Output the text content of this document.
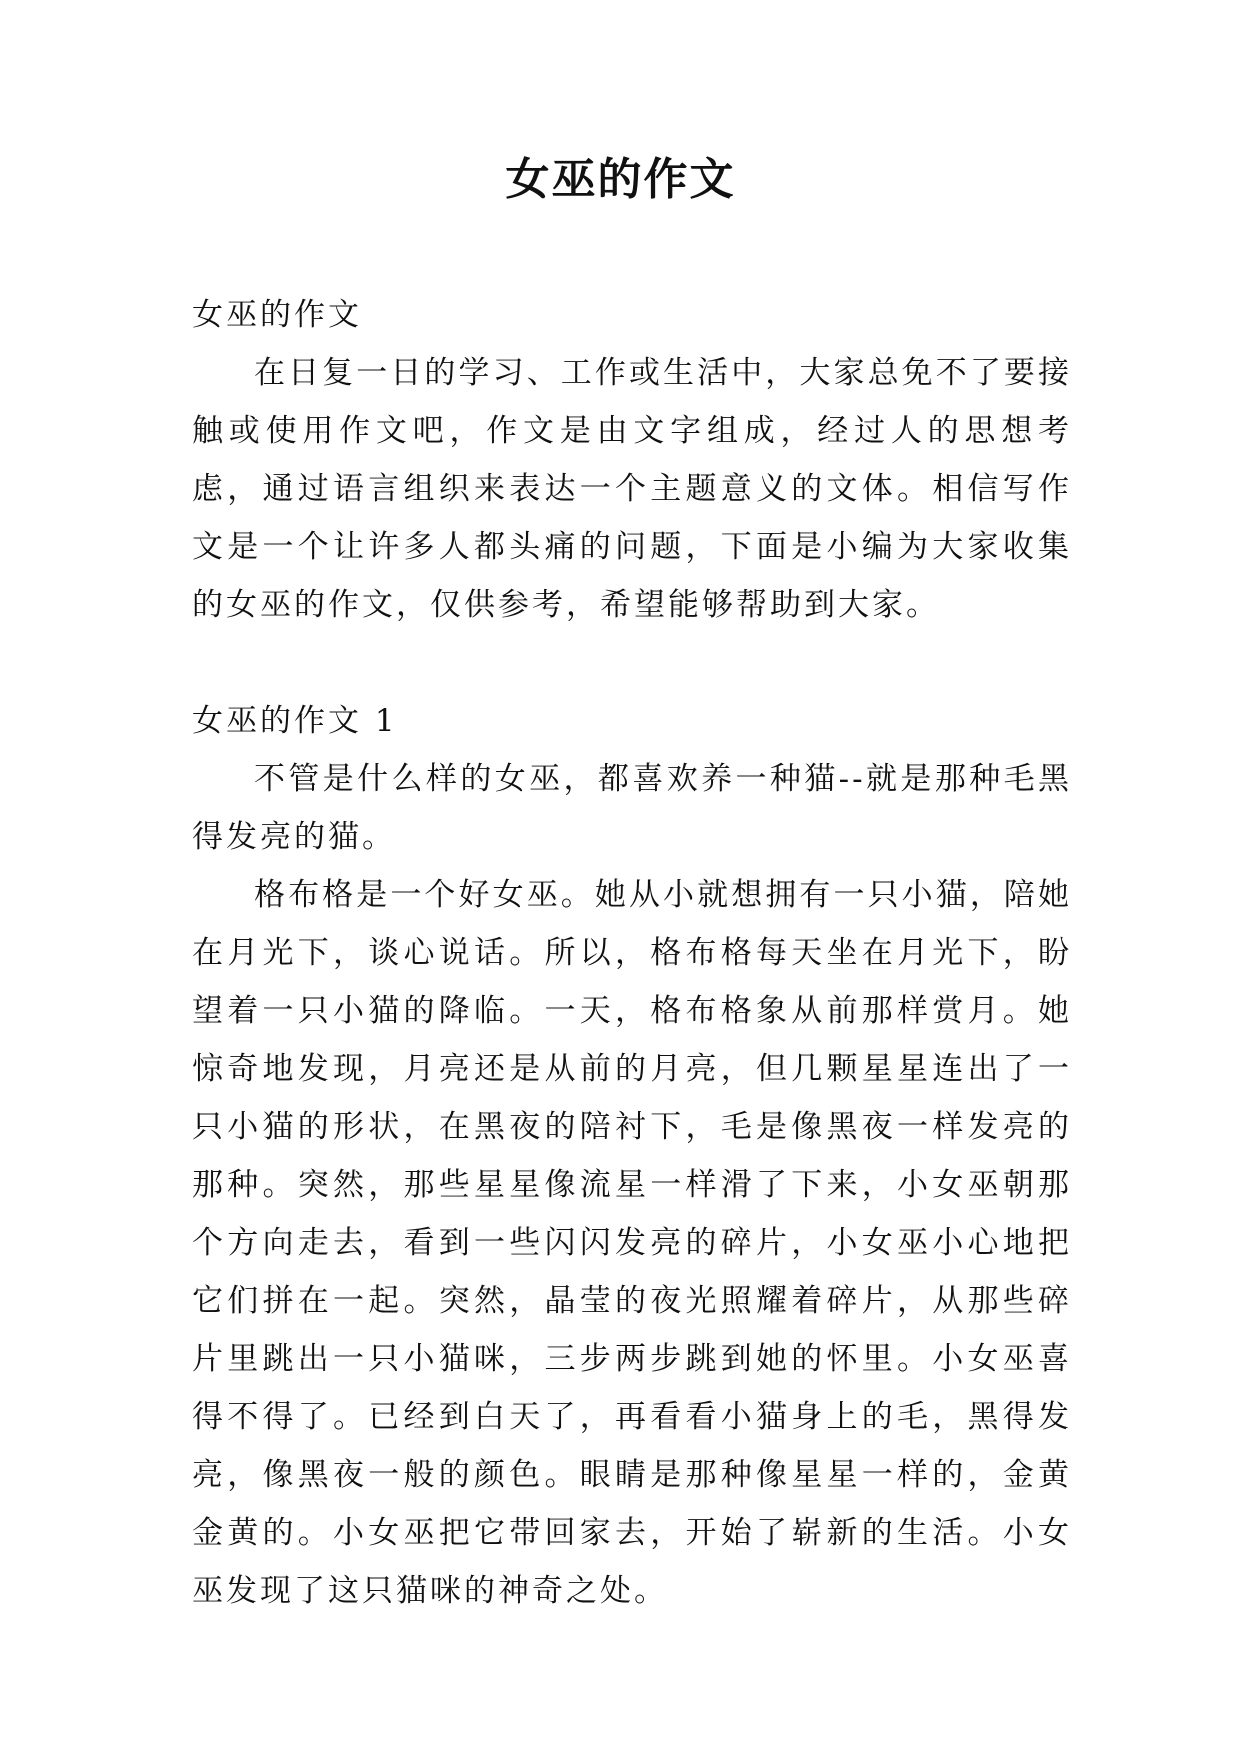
女巫的作文

女巫的作文

在日复一日的学习、工作或生活中，大家总免不了要接触或使用作文吧，作文是由文字组成，经过人的思想考虑，通过语言组织来表达一个主题意义的文体。相信写作文是一个让许多人都头痛的问题，下面是小编为大家收集的女巫的作文，仅供参考，希望能够帮助到大家。

女巫的作文 1

不管是什么样的女巫，都喜欢养一种猫--就是那种毛黑得发亮的猫。

格布格是一个好女巫。她从小就想拥有一只小猫，陪她在月光下，谈心说话。所以，格布格每天坐在月光下，盼望着一只小猫的降临。一天，格布格象从前那样赏月。她惊奇地发现，月亮还是从前的月亮，但几颗星星连出了一只小猫的形状，在黑夜的陪衬下，毛是像黑夜一样发亮的那种。突然，那些星星像流星一样滑了下来，小女巫朝那个方向走去，看到一些闪闪发亮的碎片，小女巫小心地把它们拼在一起。突然，晶莹的夜光照耀着碎片，从那些碎片里跳出一只小猫咪，三步两步跳到她的怀里。小女巫喜得不得了。已经到白天了，再看看小猫身上的毛，黑得发亮，像黑夜一般的颜色。眼睛是那种像星星一样的，金黄金黄的。小女巫把它带回家去，开始了崭新的生活。小女巫发现了这只猫咪的神奇之处。
